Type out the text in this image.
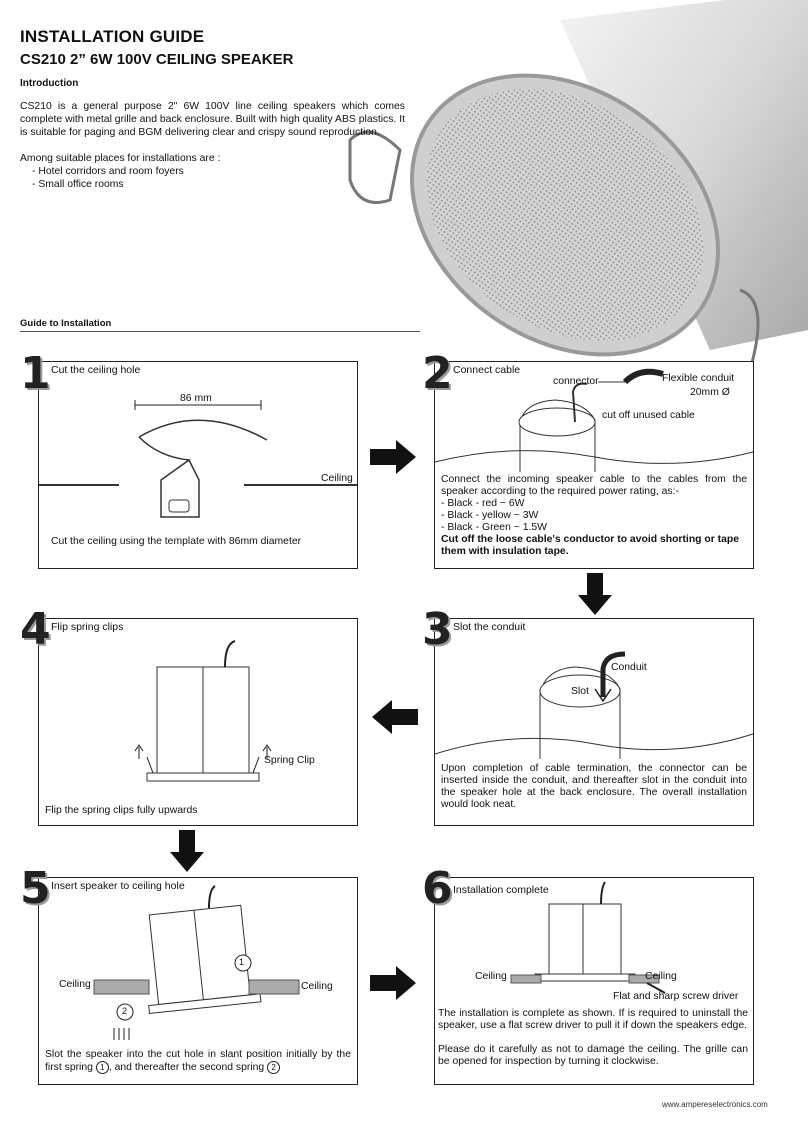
INSTALLATION GUIDE
CS210 2” 6W 100V CEILING SPEAKER
Introduction
CS210 is a general purpose 2" 6W 100V line ceiling speakers which comes complete with metal grille and back enclosure. Built with high quality ABS plastics. It is suitable for paging and BGM delivering clear and crispy sound reproduction.
Among suitable places for installations are :
- Hotel corridors and room foyers
- Small office rooms
Guide to Installation
Cut the ceiling hole
86 mm
Ceiling
Cut the ceiling using the template with 86mm diameter
1	Connect cable
connector	Flexible conduit
20mm Ø
cut off unused cable
Connect the incoming speaker cable to the cables from the speaker according to the required power rating, as:-
- Black - red ~ 6W
- Black - yellow ~ 3W
- Black - Green ~ 1.5W
Cut off the loose cable's conductor to avoid shorting or tape them with insulation tape.
2
Slot the conduit
Conduit
Slot
Upon completion of cable termination, the connector can be inserted inside the conduit, and thereafter slot in the conduit into the speaker hole at the back enclosure. The overall installation would look neat.
3
Flip spring clips
Spring Clip
Flip the spring clips fully upwards
4
Insert speaker to ceiling hole
Ceiling	Ceiling
1
2
Slot the speaker into the cut hole in slant position initially by the first spring 1 , and thereafter the second spring 2
5	Installation complete
Ceiling	Ceiling
Flat and sharp screw driver
The installation is complete as shown. If is required to uninstall the speaker, use a flat screw driver to pull it if down the speakers edge.
Please do it carefully as not to damage the ceiling. The grille can be opened for inspection by turning it clockwise.
6
www.amperеselectronics.com
